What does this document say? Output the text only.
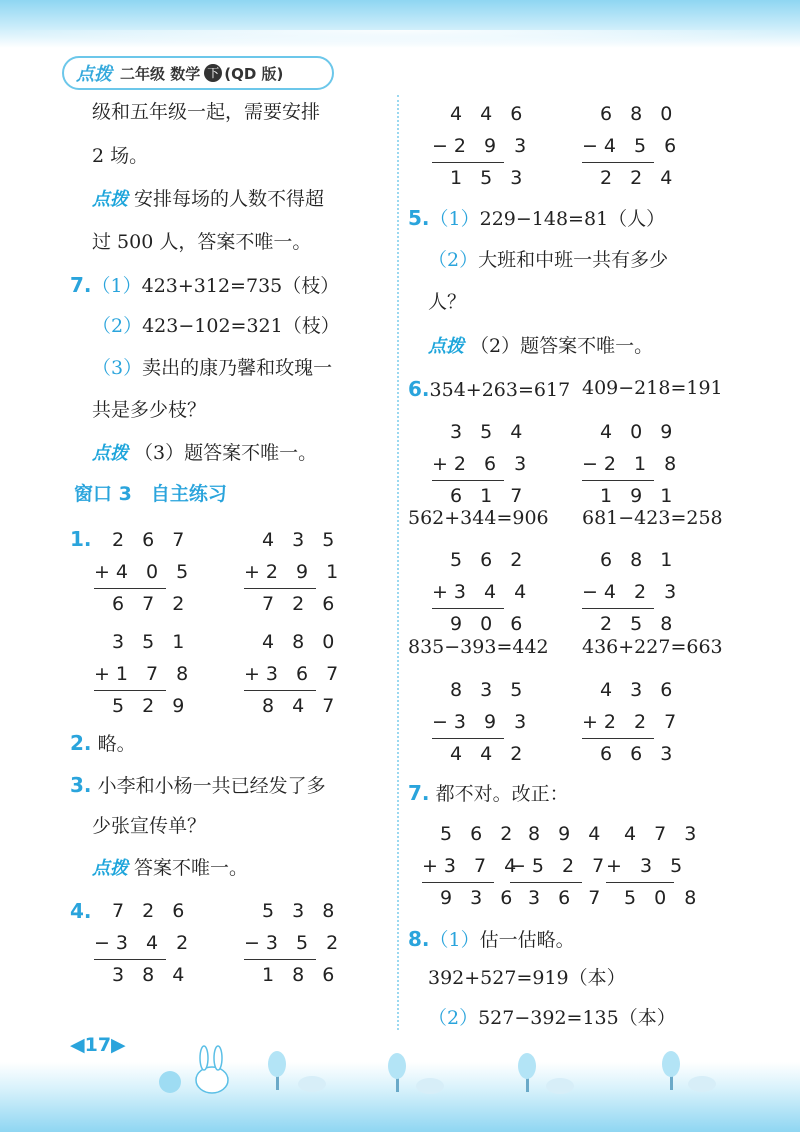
点拨 二年级 数学 下 (QD 版)
级和五年级一起，需要安排
2 场。
点拨 安排每场的人数不得超
过 500 人，答案不唯一。
7.（1）423+312=735（枝）
（2）423−102=321（枝）
（3）卖出的康乃馨和玫瑰一
共是多少枝？
点拨 （3）题答案不唯一。
窗口 3　自主练习
1. 2 6 7
+4 0 5
6 7 2
4 3 5
+2 9 1
7 2 6
3 5 1
+1 7 8
5 2 9
4 8 0
+3 6 7
8 4 7
2. 略。
3. 小李和小杨一共已经发了多
少张宣传单？
点拨 答案不唯一。
4. 7 2 6
−3 4 2
3 8 4
5 3 8
−3 5 2
1 8 6
4 4 6
−2 9 3
1 5 3
6 8 0
−4 5 6
2 2 4
5.（1）229−148=81（人）
（2）大班和中班一共有多少
人？
点拨 （2）题答案不唯一。
6.354+263=617 409−218=191
3 5 4
+2 6 3
6 1 7
4 0 9
−2 1 8
1 9 1
562+344=906 681−423=258
5 6 2
+3 4 4
9 0 6
6 8 1
−4 2 3
2 5 8
835−393=442 436+227=663
8 3 5
−3 9 3
4 4 2
4 3 6
+2 2 7
6 6 3
7. 都不对。改正：
5 6 2
+3 7 4
9 3 6
8 9 4
−5 2 7
3 6 7
4 7 3
+ 3 5
5 0 8
8.（1）估一估略。
392+527=919（本）
（2）527−392=135（本）
◀17▶
